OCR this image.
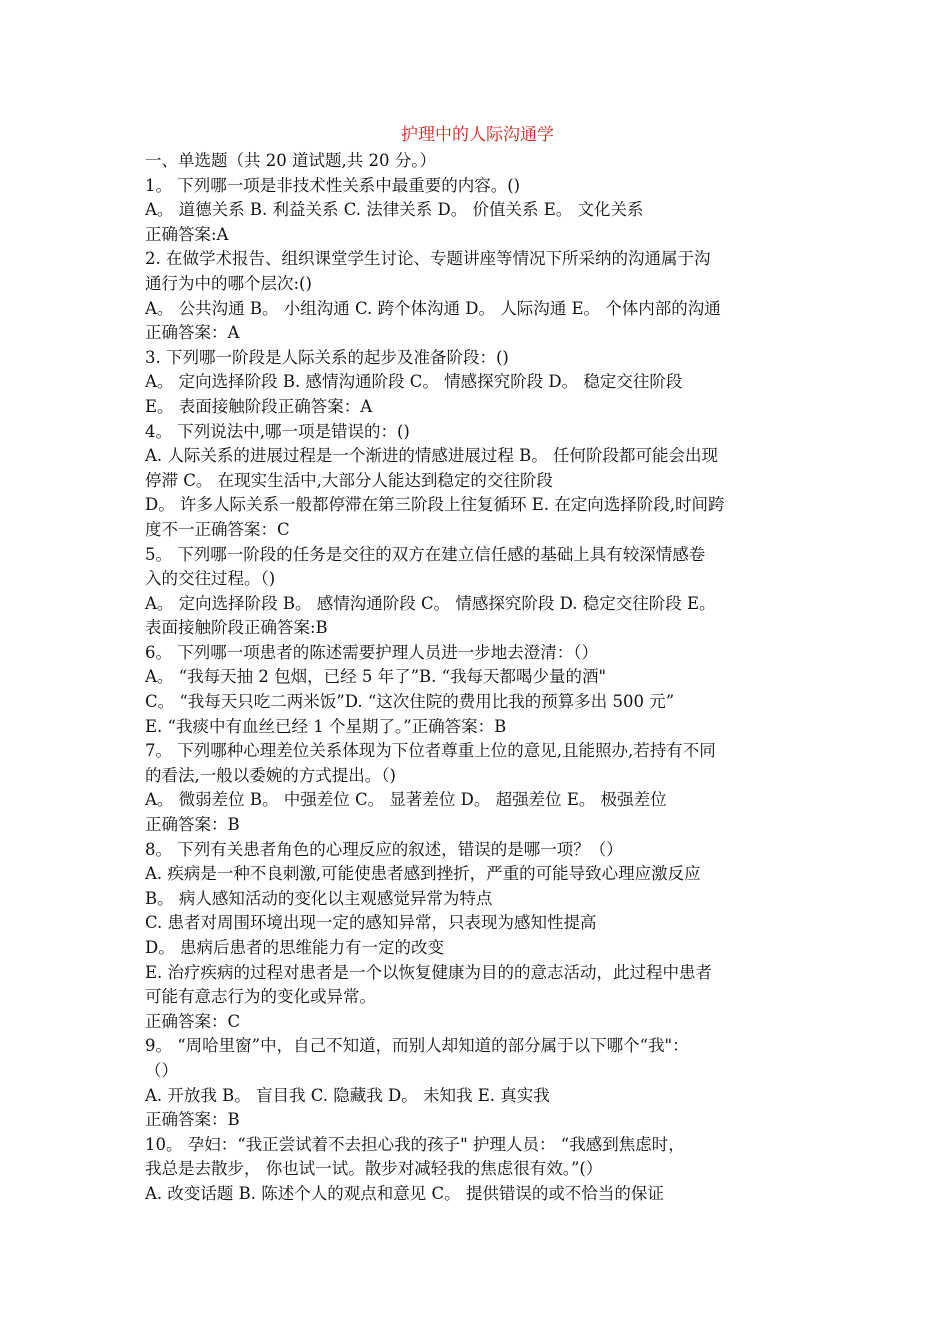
护理中的人际沟通学

一、单选题（共 20 道试题,共 20 分。）

1。 下列哪一项是非技术性关系中最重要的内容。()

A。 道德关系 B. 利益关系 C. 法律关系 D。 价值关系 E。 文化关系

正确答案:A

2. 在做学术报告、组织课堂学生讨论、专题讲座等情况下所采纳的沟通属于沟

通行为中的哪个层次:()

A。 公共沟通 B。 小组沟通 C. 跨个体沟通 D。 人际沟通 E。 个体内部的沟通

正确答案：A

3. 下列哪一阶段是人际关系的起步及准备阶段：()

A。 定向选择阶段 B. 感情沟通阶段 C。 情感探究阶段 D。 稳定交往阶段

E。 表面接触阶段正确答案：A

4。 下列说法中,哪一项是错误的：()

A. 人际关系的进展过程是一个渐进的情感进展过程 B。 任何阶段都可能会出现

停滞 C。 在现实生活中,大部分人能达到稳定的交往阶段

D。 许多人际关系一般都停滞在第三阶段上往复循环 E. 在定向选择阶段,时间跨

度不一正确答案：C

5。 下列哪一阶段的任务是交往的双方在建立信任感的基础上具有较深情感卷

入的交往过程。（)

A。 定向选择阶段 B。 感情沟通阶段 C。 情感探究阶段 D. 稳定交往阶段 E。

表面接触阶段正确答案:B

6。 下列哪一项患者的陈述需要护理人员进一步地去澄清：（）

A。 “我每天抽 2 包烟，已经 5 年了”B. “我每天都喝少量的酒"

C。 “我每天只吃二两米饭”D. “这次住院的费用比我的预算多出 500 元”

E. “我痰中有血丝已经 1 个星期了。”正确答案：B

7。 下列哪种心理差位关系体现为下位者尊重上位的意见,且能照办,若持有不同

的看法,一般以委婉的方式提出。（)

A。 微弱差位 B。 中强差位 C。 显著差位 D。 超强差位 E。 极强差位

正确答案：B

8。 下列有关患者角色的心理反应的叙述，错误的是哪一项？（）

A. 疾病是一种不良刺激,可能使患者感到挫折，严重的可能导致心理应激反应

B。 病人感知活动的变化以主观感觉异常为特点

C. 患者对周围环境出现一定的感知异常，只表现为感知性提高

D。 患病后患者的思维能力有一定的改变

E. 治疗疾病的过程对患者是一个以恢复健康为目的的意志活动，此过程中患者

可能有意志行为的变化或异常。

正确答案：C

9。 “周哈里窗”中，自己不知道，而别人却知道的部分属于以下哪个“我"：

（）

A. 开放我 B。 盲目我 C. 隐藏我 D。 未知我 E. 真实我

正确答案：B

10。 孕妇：“我正尝试着不去担心我的孩子" 护理人员： “我感到焦虑时，

我总是去散步， 你也试一试。散步对减轻我的焦虑很有效。”(）

A. 改变话题 B. 陈述个人的观点和意见 C。 提供错误的或不恰当的保证
